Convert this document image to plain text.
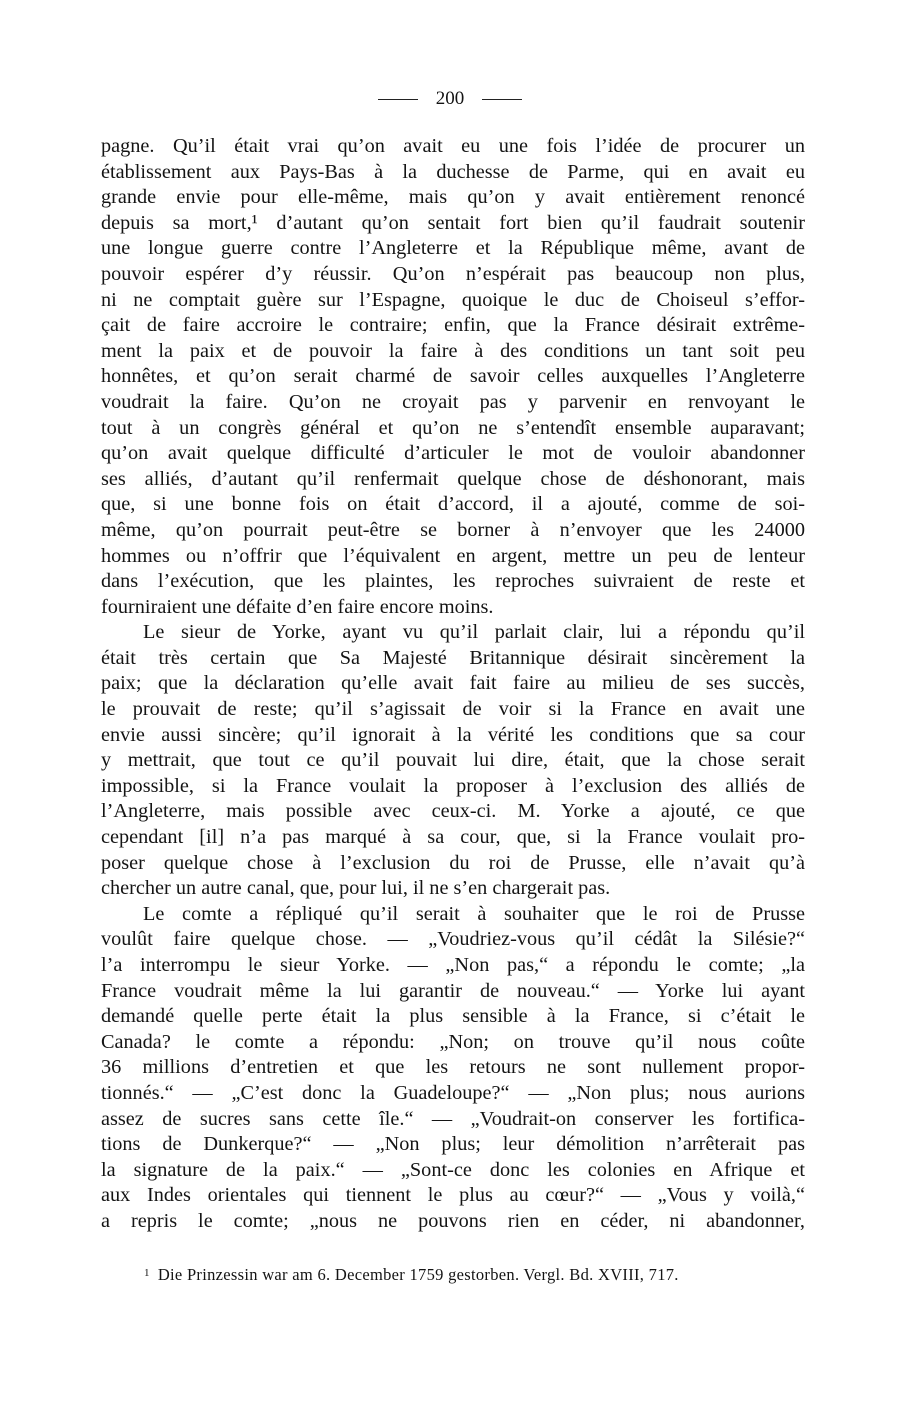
200
pagne. Qu’il était vrai qu’on avait eu une fois l’idée de procurer un
établissement aux Pays-Bas à la duchesse de Parme, qui en avait eu
grande envie pour elle-même, mais qu’on y avait entièrement renoncé
depuis sa mort,¹ d’autant qu’on sentait fort bien qu’il faudrait soutenir
une longue guerre contre l’Angleterre et la République même, avant de
pouvoir espérer d’y réussir. Qu’on n’espérait pas beaucoup non plus,
ni ne comptait guère sur l’Espagne, quoique le duc de Choiseul s’effor-
çait de faire accroire le contraire; enfin, que la France désirait extrême-
ment la paix et de pouvoir la faire à des conditions un tant soit peu
honnêtes, et qu’on serait charmé de savoir celles auxquelles l’Angleterre
voudrait la faire. Qu’on ne croyait pas y parvenir en renvoyant le
tout à un congrès général et qu’on ne s’entendît ensemble auparavant;
qu’on avait quelque difficulté d’articuler le mot de vouloir abandonner
ses alliés, d’autant qu’il renfermait quelque chose de déshonorant, mais
que, si une bonne fois on était d’accord, il a ajouté, comme de soi-
même, qu’on pourrait peut-être se borner à n’envoyer que les 24000
hommes ou n’offrir que l’équivalent en argent, mettre un peu de lenteur
dans l’exécution, que les plaintes, les reproches suivraient de reste et
fourniraient une défaite d’en faire encore moins.
Le sieur de Yorke, ayant vu qu’il parlait clair, lui a répondu qu’il
était très certain que Sa Majesté Britannique désirait sincèrement la
paix; que la déclaration qu’elle avait fait faire au milieu de ses succès,
le prouvait de reste; qu’il s’agissait de voir si la France en avait une
envie aussi sincère; qu’il ignorait à la vérité les conditions que sa cour
y mettrait, que tout ce qu’il pouvait lui dire, était, que la chose serait
impossible, si la France voulait la proposer à l’exclusion des alliés de
l’Angleterre, mais possible avec ceux-ci. M. Yorke a ajouté, ce que
cependant [il] n’a pas marqué à sa cour, que, si la France voulait pro-
poser quelque chose à l’exclusion du roi de Prusse, elle n’avait qu’à
chercher un autre canal, que, pour lui, il ne s’en chargerait pas.
Le comte a répliqué qu’il serait à souhaiter que le roi de Prusse
voulût faire quelque chose. — „Voudriez-vous qu’il cédât la Silésie?“
l’a interrompu le sieur Yorke. — „Non pas,“ a répondu le comte; „la
France voudrait même la lui garantir de nouveau.“ — Yorke lui ayant
demandé quelle perte était la plus sensible à la France, si c’était le
Canada? le comte a répondu: „Non; on trouve qu’il nous coûte
36 millions d’entretien et que les retours ne sont nullement propor-
tionnés.“ — „C’est donc la Guadeloupe?“ — „Non plus; nous aurions
assez de sucres sans cette île.“ — „Voudrait-on conserver les fortifica-
tions de Dunkerque?“ — „Non plus; leur démolition n’arrêterait pas
la signature de la paix.“ — „Sont-ce donc les colonies en Afrique et
aux Indes orientales qui tiennent le plus au cœur?“ — „Vous y voilà,“
a repris le comte; „nous ne pouvons rien en céder, ni abandonner,
$^1$ Die Prinzessin war am 6. December 1759 gestorben. Vergl. Bd. XVIII, 717.
